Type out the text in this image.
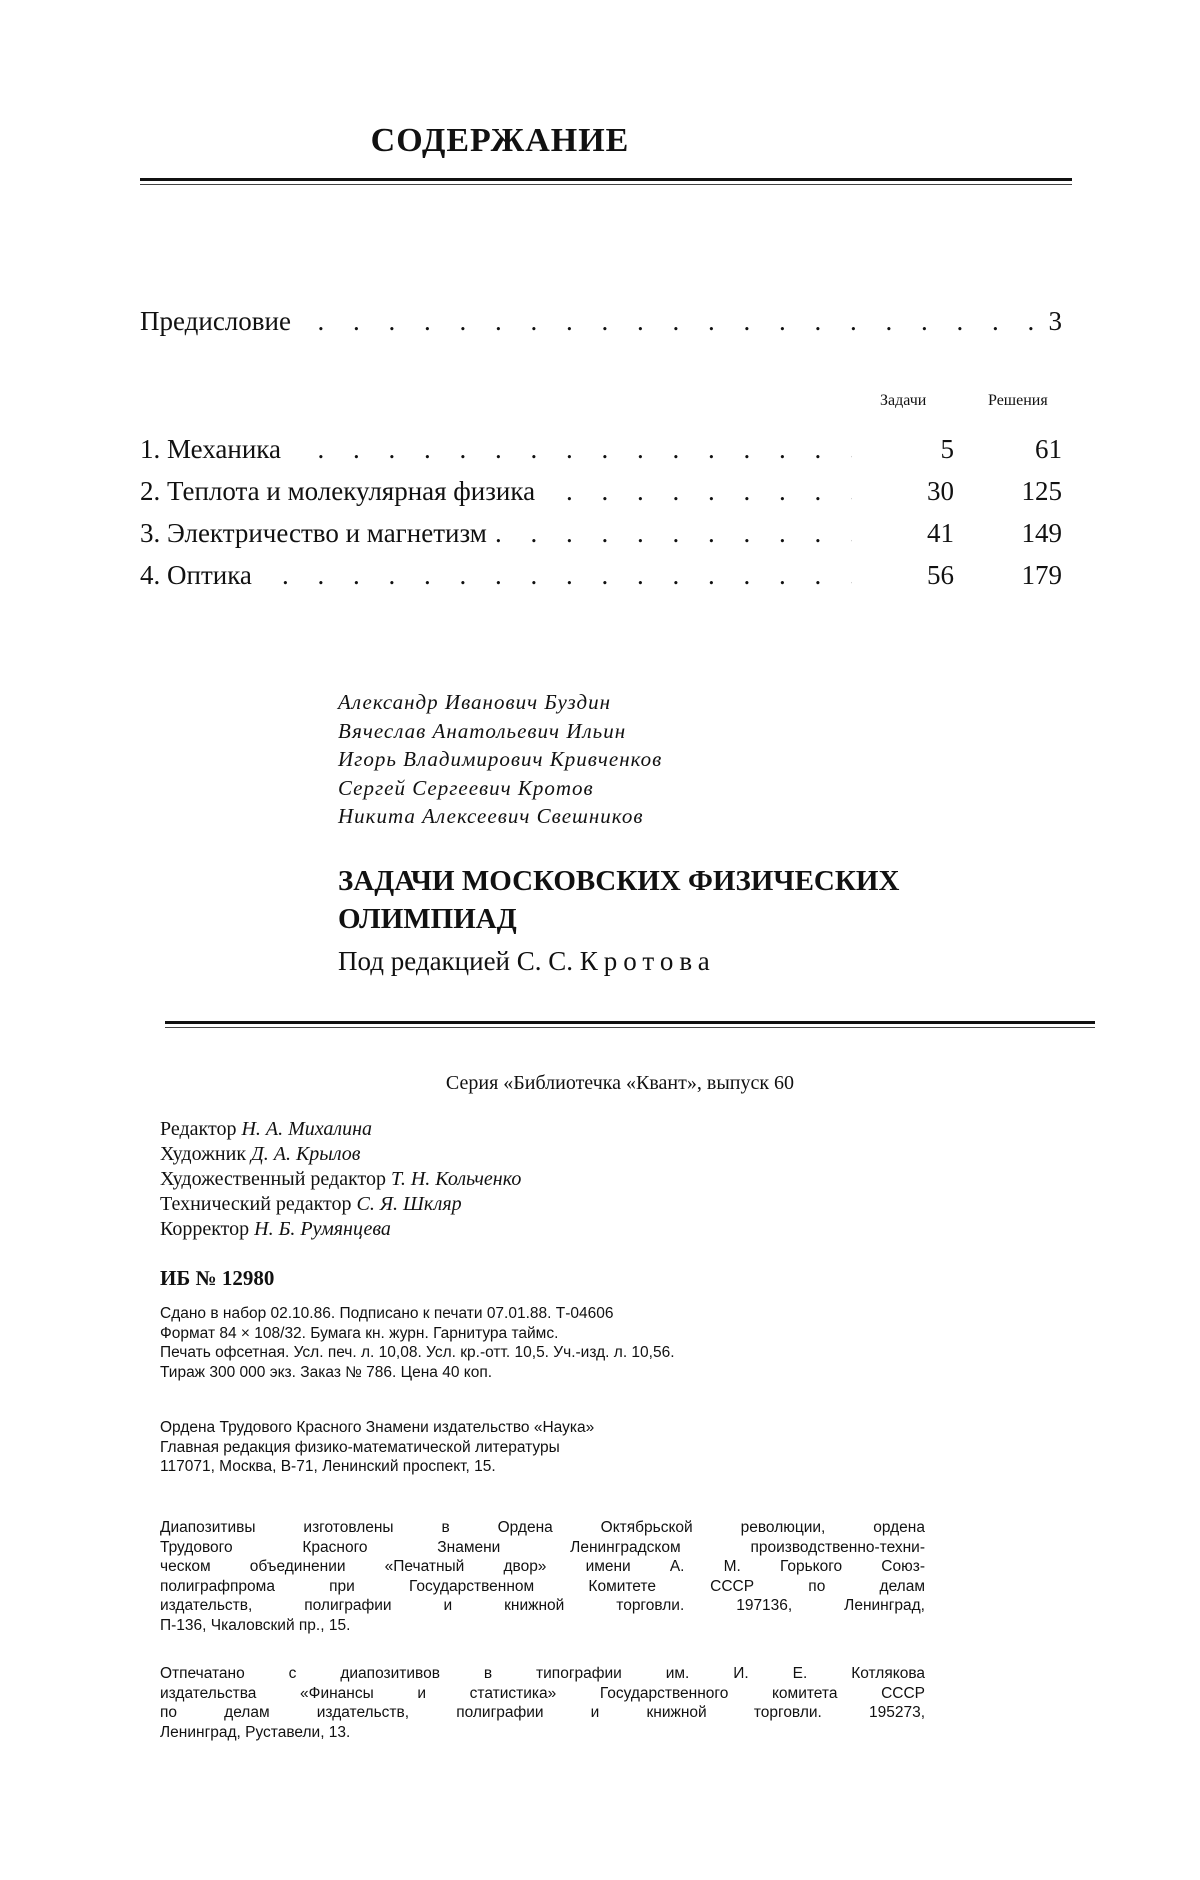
СОДЕРЖАНИЕ
. . . . . . . . . . . . . . . . . . . .
Предисловие	3
Задачи	Решения
. . . . . . . . . . . . . . . .
1. Механика	5	61
2. Теплота и молекулярная физика	30	125
. . . . . . . . . .
3. Электричество и магнетизм	41	149
. . . . . . . . . . . . . . . .
4. Оптика	56	179
Александр Иванович Буздин
Вячеслав Анатольевич Ильин
Игорь Владимирович Кривченков
Сергей Сергеевич Кротов
Никита Алексеевич Свешников
ЗАДАЧИ МОСКОВСКИХ ФИЗИЧЕСКИХ
ОЛИМПИАД
Под редакцией С. С. Кротова
Серия «Библиотечка «Квант», выпуск 60
Редактор Н. А. Михалина
Художник Д. А. Крылов
Художественный редактор Т. Н. Кольченко
Технический редактор С. Я. Шкляр
Корректор Н. Б. Румянцева
ИБ № 12980
Сдано в набор 02.10.86. Подписано к печати 07.01.88. Т-04606
Формат 84 × 108/32. Бумага кн. журн. Гарнитура таймс.
Печать офсетная. Усл. печ. л. 10,08. Усл. кр.-отт. 10,5. Уч.-изд. л. 10,56.
Тираж 300 000 экз. Заказ № 786. Цена 40 коп.
Ордена Трудового Красного Знамени издательство «Наука»
Главная редакция физико-математической литературы
117071, Москва, В-71, Ленинский проспект, 15.
Диапозитивы изготовлены в Ордена Октябрьской революции, ордена
Трудового Красного Знамени Ленинградском производственно-техни-
ческом объединении «Печатный двор» имени А. М. Горького Союз-
полиграфпрома при Государственном Комитете СССР по делам
издательств, полиграфии и книжной торговли. 197136, Ленинград,
П-136, Чкаловский пр., 15.
Отпечатано с диапозитивов в типографии им. И. Е. Котлякова
издательства «Финансы и статистика» Государственного комитета СССР
по делам издательств, полиграфии и книжной торговли. 195273,
Ленинград, Руставели, 13.
